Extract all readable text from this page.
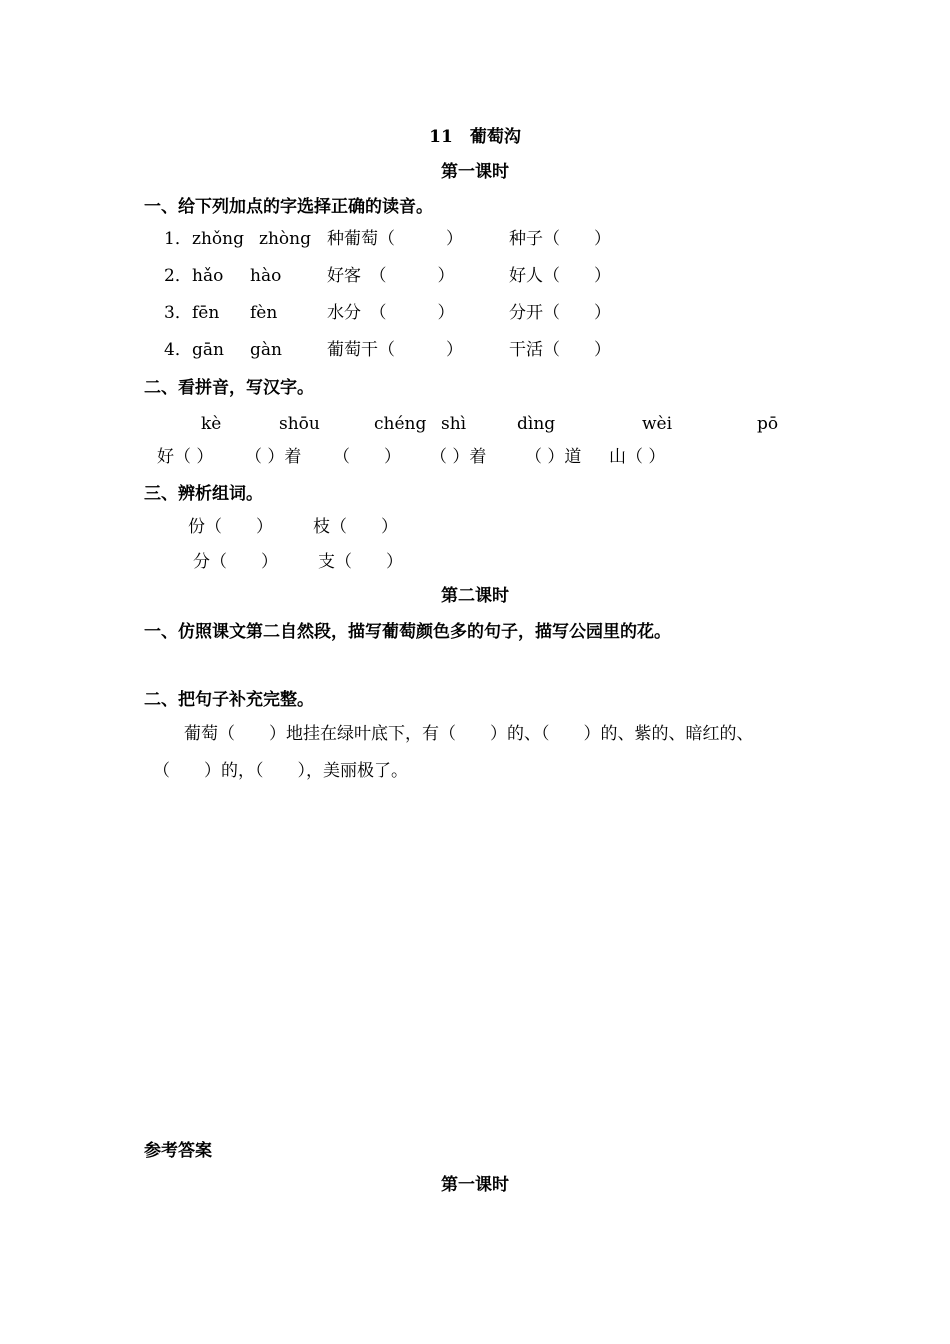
11　葡萄沟
第一课时
一、给下列加点的字选择正确的读音。
1． zhǒng zhòng 种葡萄（　　　）	种子（　　）
2． hǎo hào	好客　（　　　）	好人（　　）
3． fēn fèn	水分　（　　　）	分开（　　）
4． gān gàn	葡萄干（　　　）	干活（　　）
二、看拼音，写汉字。
kè	shōu	chéng shì	dìng	wèi	pō
好（ ） （ ）着 （　　） （ ）着 （ ）道 山（ ）
三、辨析组词。
份（　　） 枝（　　）
分（　　） 支（　　）
第二课时
一、仿照课文第二自然段，描写葡萄颜色多的句子，描写公园里的花。
二、把句子补充完整。
葡萄（　　）地挂在绿叶底下，有（　　）的、（　　）的、紫的、暗红的、
（　　）的，（　　），美丽极了。
参考答案
第一课时
